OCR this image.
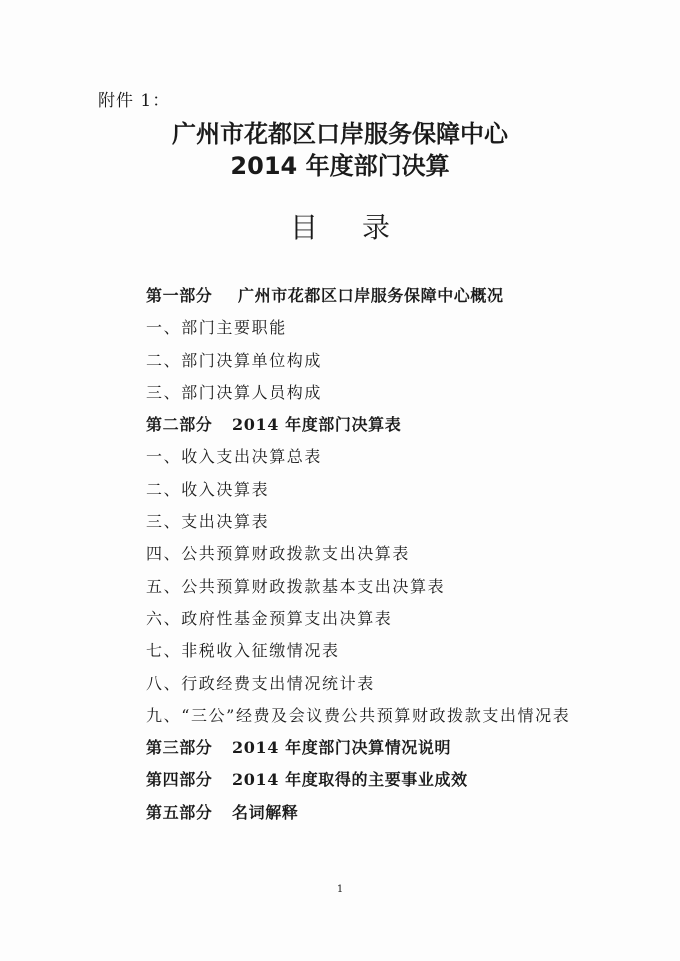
附件 1：
广州市花都区口岸服务保障中心
2014 年度部门决算
目录
第一部分 广州市花都区口岸服务保障中心概况
一、部门主要职能
二、部门决算单位构成
三、部门决算人员构成
第二部分 2014 年度部门决算表
一、收入支出决算总表
二、收入决算表
三、支出决算表
四、公共预算财政拨款支出决算表
五、公共预算财政拨款基本支出决算表
六、政府性基金预算支出决算表
七、非税收入征缴情况表
八、行政经费支出情况统计表
九、“三公”经费及会议费公共预算财政拨款支出情况表
第三部分 2014 年度部门决算情况说明
第四部分 2014 年度取得的主要事业成效
第五部分 名词解释
1
